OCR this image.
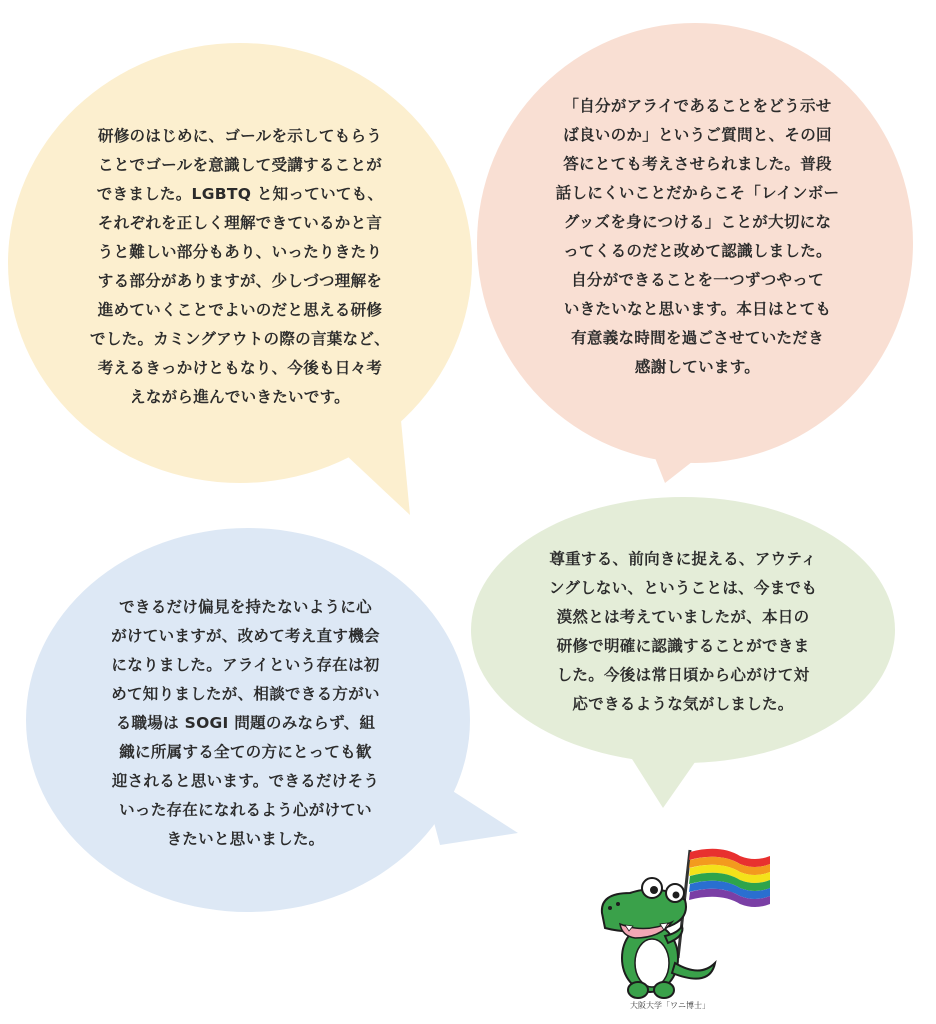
研修のはじめに、ゴールを示してもらう
ことでゴールを意識して受講することが
できました。LGBTQ と知っていても、
それぞれを正しく理解できているかと言
うと難しい部分もあり、いったりきたり
する部分がありますが、少しづつ理解を
進めていくことでよいのだと思える研修
でした。カミングアウトの際の言葉など、
考えるきっかけともなり、今後も日々考
えながら進んでいきたいです。
「自分がアライであることをどう示せ
ば良いのか」というご質問と、その回
答にとても考えさせられました。普段
話しにくいことだからこそ「レインボー
グッズを身につける」ことが大切にな
ってくるのだと改めて認識しました。
自分ができることを一つずつやって
いきたいなと思います。本日はとても
有意義な時間を過ごさせていただき
感謝しています。
尊重する、前向きに捉える、アウティ
ングしない、ということは、今までも
漠然とは考えていましたが、本日の
研修で明確に認識することができま
した。今後は常日頃から心がけて対
応できるような気がしました。
できるだけ偏見を持たないように心
がけていますが、改めて考え直す機会
になりました。アライという存在は初
めて知りましたが、相談できる方がい
る職場は SOGI 問題のみならず、組
織に所属する全ての方にとっても歓
迎されると思います。できるだけそう
いった存在になれるよう心がけてい
きたいと思いました。
大阪大学「ワニ博士」
